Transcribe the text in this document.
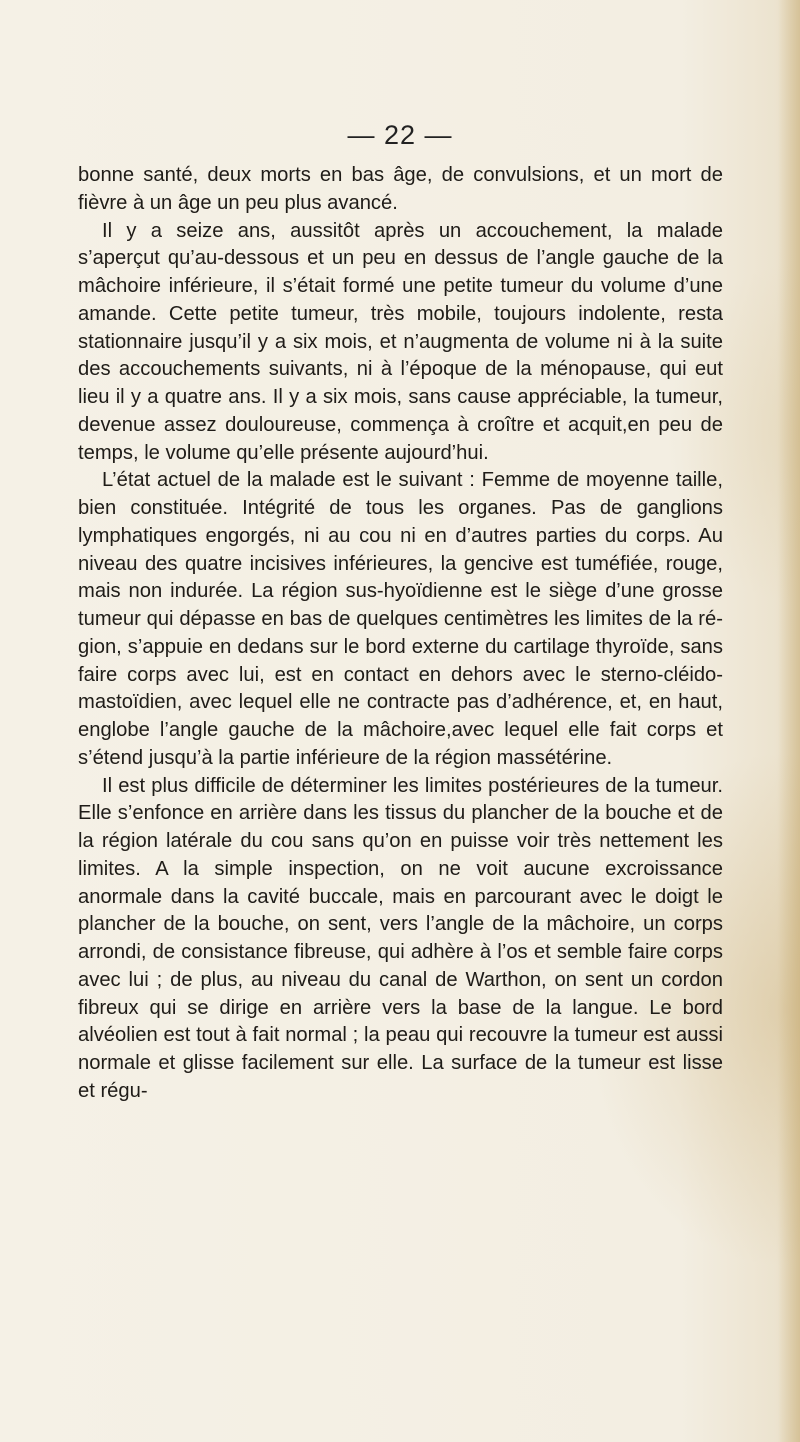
— 22 —

bonne santé, deux morts en bas âge, de convulsions, et un mort de fièvre à un âge un peu plus avancé.

Il y a seize ans, aussitôt après un accouchement, la malade s’aperçut qu’au-dessous et un peu en dessus de l’angle gauche de la mâchoire inférieure, il s’était formé une petite tumeur du volume d’une amande. Cette petite tumeur, très mobile, toujours indolente, resta stationnaire jusqu’il y a six mois, et n’augmenta de volume ni à la suite des accouchements suivants, ni à l’époque de la ménopause, qui eut lieu il y a quatre ans. Il y a six mois, sans cause appréciable, la tumeur, devenue assez douloureuse, commença à croître et acquit,en peu de temps, le volume qu’elle présente aujourd’hui.

L’état actuel de la malade est le suivant : Femme de moyenne taille, bien constituée. Intégrité de tous les organes. Pas de ganglions lymphatiques engorgés, ni au cou ni en d’autres parties du corps. Au niveau des quatre incisives inférieures, la gencive est tuméfiée, rouge, mais non indurée. La région sus-hyoïdienne est le siège d’une grosse tumeur qui dépasse en bas de quelques centimètres les limites de la région, s’appuie en dedans sur le bord externe du cartilage thyroïde, sans faire corps avec lui, est en contact en dehors avec le sterno-cléido-mastoïdien, avec lequel elle ne contracte pas d’adhérence, et, en haut, englobe l’angle gauche de la mâchoire,avec lequel elle fait corps et s’étend jusqu’à la partie inférieure de la région massétérine.

Il est plus difficile de déterminer les limites postérieures de la tumeur. Elle s’enfonce en arrière dans les tissus du plancher de la bouche et de la région latérale du cou sans qu’on en puisse voir très nettement les limites. A la simple inspection, on ne voit aucune excroissance anormale dans la cavité buccale, mais en parcourant avec le doigt le plancher de la bouche, on sent, vers l’angle de la mâchoire, un corps arrondi, de consistance fibreuse, qui adhère à l’os et semble faire corps avec lui ; de plus, au niveau du canal de Warthon, on sent un cordon fibreux qui se dirige en arrière vers la base de la langue. Le bord alvéolien est tout à fait normal ; la peau qui recouvre la tumeur est aussi normale et glisse facilement sur elle. La surface de la tumeur est lisse et régu-
